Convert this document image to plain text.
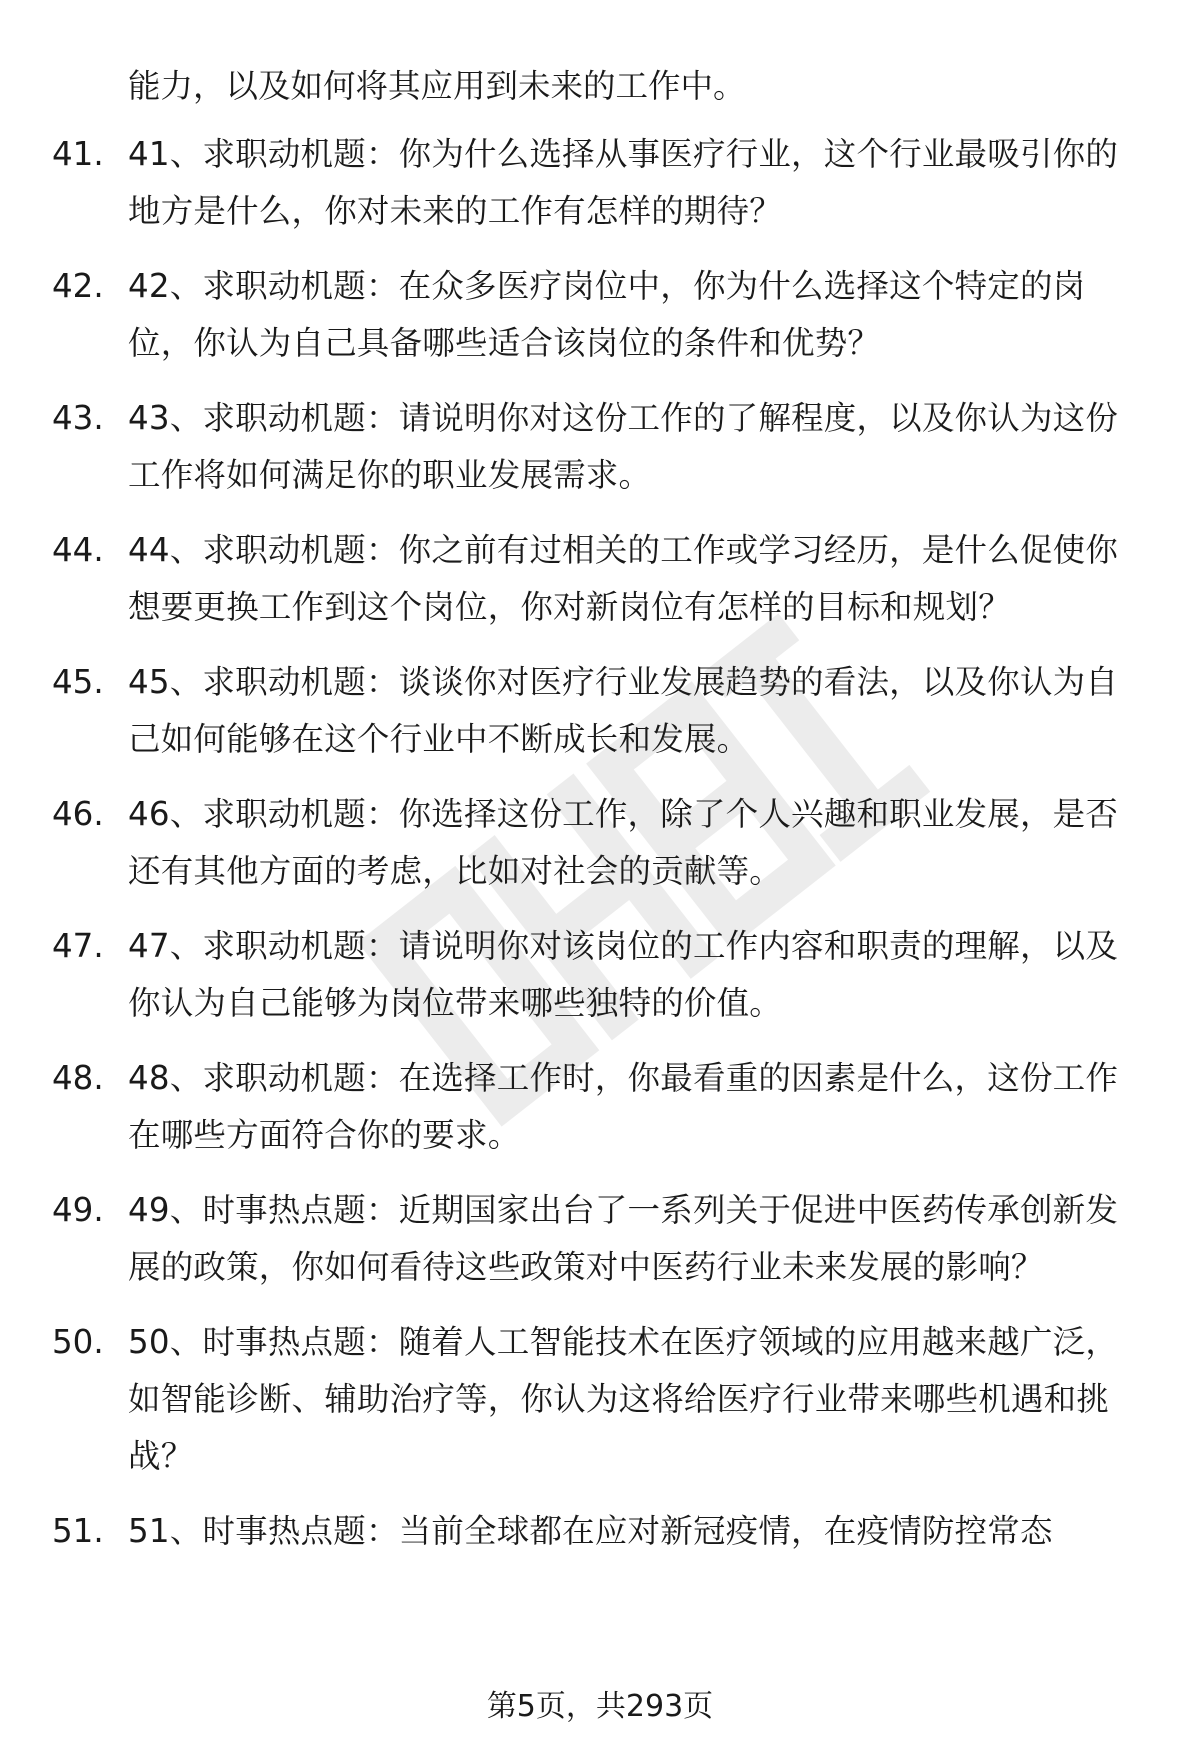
能力，以及如何将其应用到未来的工作中。
41. 41、求职动机题：你为什么选择从事医疗行业，这个行业最吸引你的地方是什么，你对未来的工作有怎样的期待？
42. 42、求职动机题：在众多医疗岗位中，你为什么选择这个特定的岗位，你认为自己具备哪些适合该岗位的条件和优势？
43. 43、求职动机题：请说明你对这份工作的了解程度，以及你认为这份工作将如何满足你的职业发展需求。
44. 44、求职动机题：你之前有过相关的工作或学习经历，是什么促使你想要更换工作到这个岗位，你对新岗位有怎样的目标和规划？
45. 45、求职动机题：谈谈你对医疗行业发展趋势的看法，以及你认为自己如何能够在这个行业中不断成长和发展。
46. 46、求职动机题：你选择这份工作，除了个人兴趣和职业发展，是否还有其他方面的考虑，比如对社会的贡献等。
47. 47、求职动机题：请说明你对该岗位的工作内容和职责的理解，以及你认为自己能够为岗位带来哪些独特的价值。
48. 48、求职动机题：在选择工作时，你最看重的因素是什么，这份工作在哪些方面符合你的要求。
49. 49、时事热点题：近期国家出台了一系列关于促进中医药传承创新发展的政策，你如何看待这些政策对中医药行业未来发展的影响？
50. 50、时事热点题：随着人工智能技术在医疗领域的应用越来越广泛，如智能诊断、辅助治疗等，你认为这将给医疗行业带来哪些机遇和挑战？
51. 51、时事热点题：当前全球都在应对新冠疫情，在疫情防控常态
第5页，共293页
